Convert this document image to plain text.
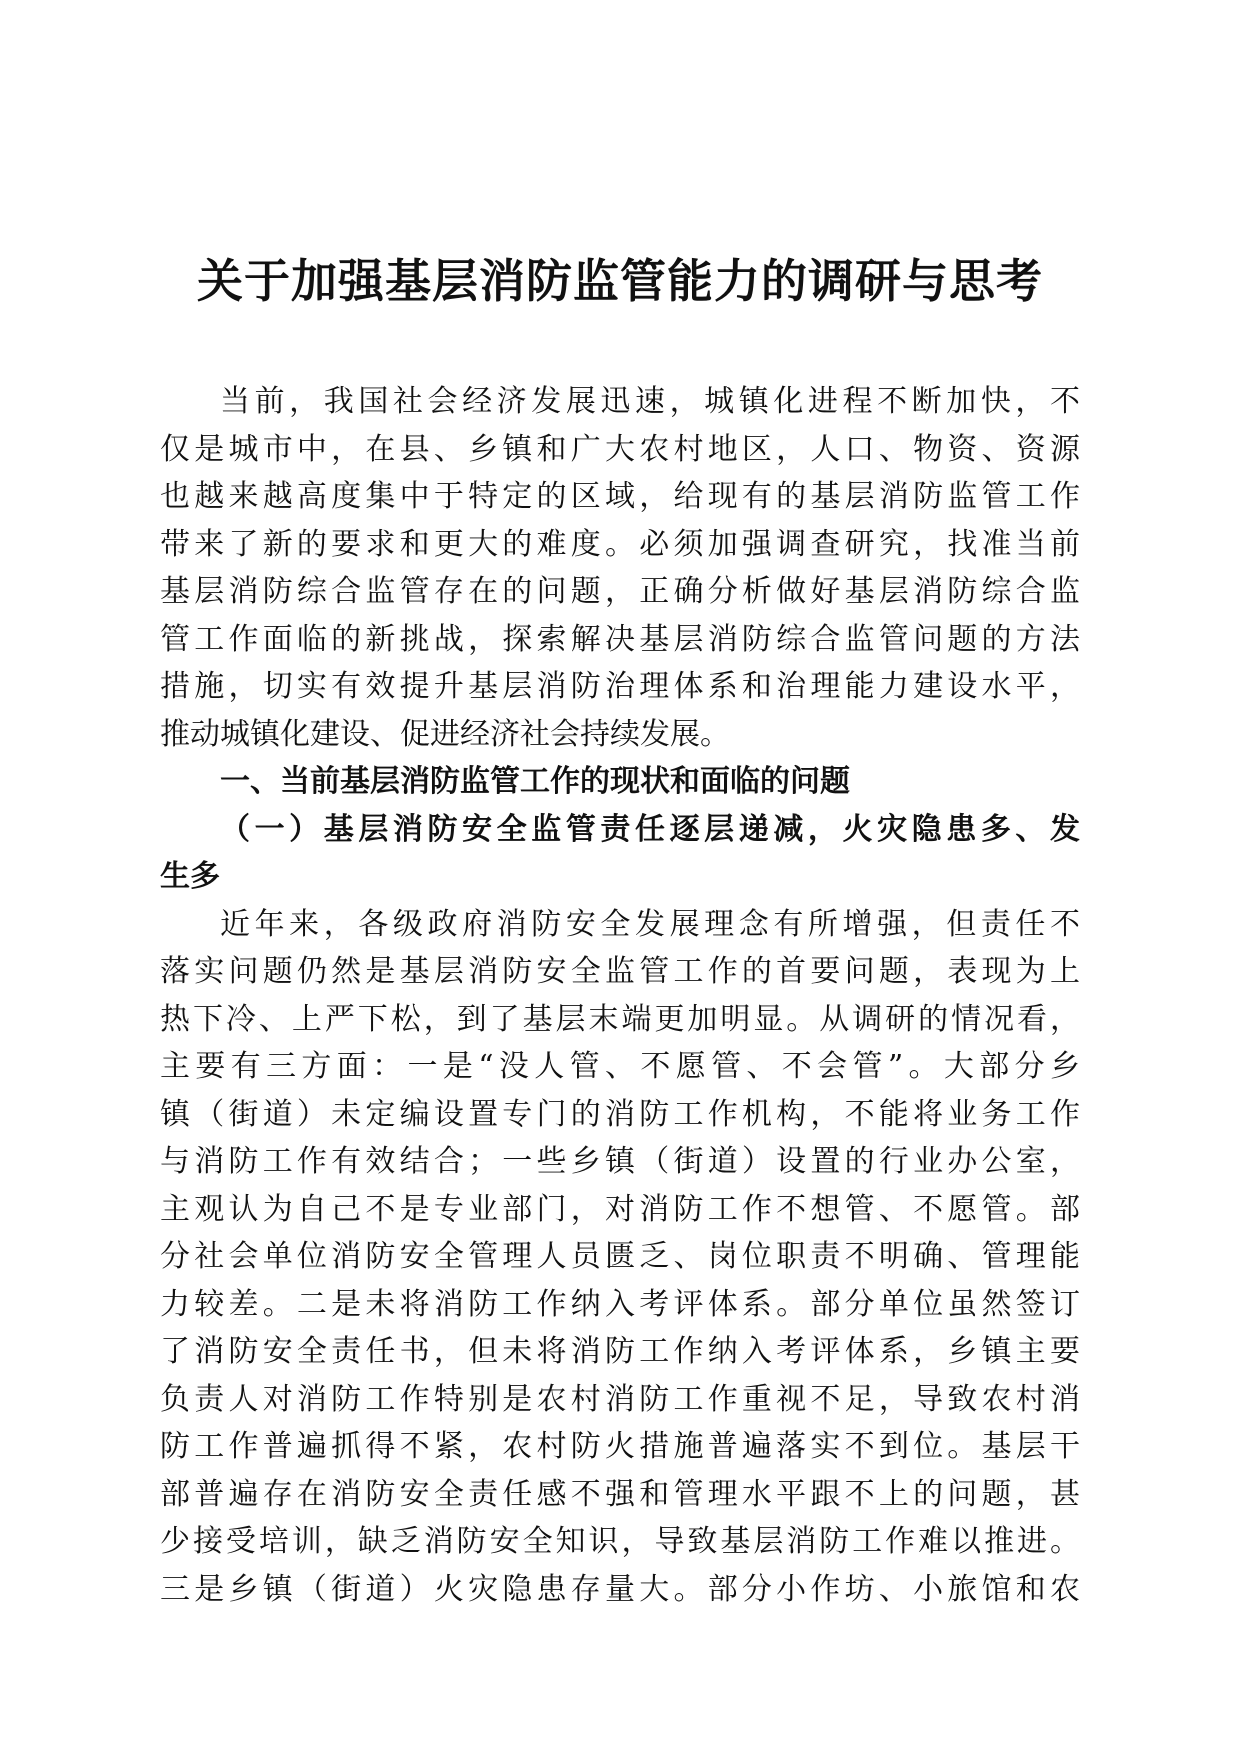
关于加强基层消防监管能力的调研与思考
当前，我国社会经济发展迅速，城镇化进程不断加快，不
仅是城市中，在县、乡镇和广大农村地区，人口、物资、资源
也越来越高度集中于特定的区域，给现有的基层消防监管工作
带来了新的要求和更大的难度。必须加强调查研究，找准当前
基层消防综合监管存在的问题，正确分析做好基层消防综合监
管工作面临的新挑战，探索解决基层消防综合监管问题的方法
措施，切实有效提升基层消防治理体系和治理能力建设水平，
推动城镇化建设、促进经济社会持续发展。
一、当前基层消防监管工作的现状和面临的问题
（一）基层消防安全监管责任逐层递减，火灾隐患多、发
生多
近年来，各级政府消防安全发展理念有所增强，但责任不
落实问题仍然是基层消防安全监管工作的首要问题，表现为上
热下冷、上严下松，到了基层末端更加明显。从调研的情况看，
主要有三方面：一是“没人管、不愿管、不会管”。大部分乡
镇（街道）未定编设置专门的消防工作机构，不能将业务工作
与消防工作有效结合；一些乡镇（街道）设置的行业办公室，
主观认为自己不是专业部门，对消防工作不想管、不愿管。部
分社会单位消防安全管理人员匮乏、岗位职责不明确、管理能
力较差。二是未将消防工作纳入考评体系。部分单位虽然签订
了消防安全责任书，但未将消防工作纳入考评体系，乡镇主要
负责人对消防工作特别是农村消防工作重视不足，导致农村消
防工作普遍抓得不紧，农村防火措施普遍落实不到位。基层干
部普遍存在消防安全责任感不强和管理水平跟不上的问题，甚
少接受培训，缺乏消防安全知识，导致基层消防工作难以推进。
三是乡镇（街道）火灾隐患存量大。部分小作坊、小旅馆和农
